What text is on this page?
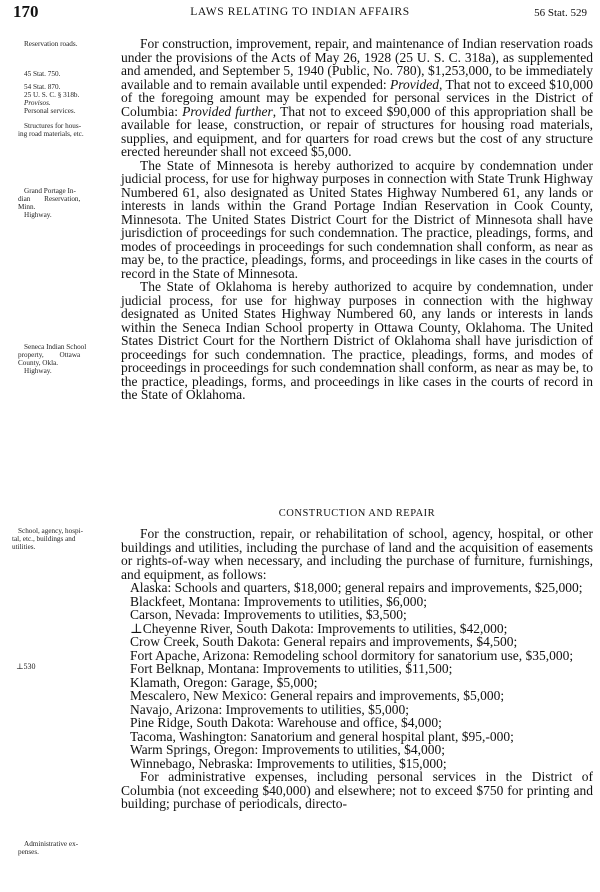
170	LAWS RELATING TO INDIAN AFFAIRS	56 Stat. 529
Reservation roads.
45 Stat. 750.
54 Stat. 870.
25 U. S. C. § 318b.
Provisos.
Personal services.
Structures for hous-
ing road materials, etc.
Grand Portage In-
dian Reservation,
Minn.
Highway.
Seneca Indian School
property, Ottawa
County, Okla.
Highway.
School, agency, hospi-
tal, etc., buildings and
utilities.
⊥530
Administrative ex-
penses.

For construction, improvement, repair, and maintenance of Indian reservation roads under the provisions of the Acts of May 26, 1928 (25 U. S. C. 318a), as supplemented and amended, and September 5, 1940 (Public, No. 780), $1,253,000, to be immediately available and to remain available until expended: Provided, That not to exceed $10,000 of the foregoing amount may be expended for personal services in the District of Columbia: Provided further, That not to exceed $90,000 of this appropriation shall be available for lease, construction, or repair of structures for housing road materials, supplies, and equipment, and for quarters for road crews but the cost of any structure erected hereunder shall not exceed $5,000.

The State of Minnesota is hereby authorized to acquire by condemnation under judicial process, for use for highway purposes in connection with State Trunk Highway Numbered 61, also designated as United States Highway Numbered 61, any lands or interests in lands within the Grand Portage Indian Reservation in Cook County, Minnesota. The United States District Court for the District of Minnesota shall have jurisdiction of proceedings for such condemnation. The practice, pleadings, forms, and modes of proceedings in proceedings for such condemnation shall conform, as near as may be, to the practice, pleadings, forms, and proceedings in like cases in the courts of record in the State of Minnesota.

The State of Oklahoma is hereby authorized to acquire by condemnation, under judicial process, for use for highway purposes in connection with the highway designated as United States Highway Numbered 60, any lands or interests in lands within the Seneca Indian School property in Ottawa County, Oklahoma. The United States District Court for the Northern District of Oklahoma shall have jurisdiction of proceedings for such condemnation. The practice, pleadings, forms, and modes of proceedings in proceedings for such condemnation shall conform, as near as may be, to the practice, pleadings, forms, and proceedings in like cases in the courts of record in the State of Oklahoma.

CONSTRUCTION AND REPAIR

For the construction, repair, or rehabilitation of school, agency, hospital, or other buildings and utilities, including the purchase of land and the acquisition of easements or rights-of-way when necessary, and including the purchase of furniture, furnishings, and equipment, as follows:

Alaska: Schools and quarters, $18,000; general repairs and improvements, $25,000;

Blackfeet, Montana: Improvements to utilities, $6,000;

Carson, Nevada: Improvements to utilities, $3,500;

⊥Cheyenne River, South Dakota: Improvements to utilities, $42,000;

Crow Creek, South Dakota: General repairs and improvements, $4,500;

Fort Apache, Arizona: Remodeling school dormitory for sanatorium use, $35,000;

Fort Belknap, Montana: Improvements to utilities, $11,500;

Klamath, Oregon: Garage, $5,000;

Mescalero, New Mexico: General repairs and improvements, $5,000;

Navajo, Arizona: Improvements to utilities, $5,000;

Pine Ridge, South Dakota: Warehouse and office, $4,000;

Tacoma, Washington: Sanatorium and general hospital plant, $95,-000;

Warm Springs, Oregon: Improvements to utilities, $4,000;

Winnebago, Nebraska: Improvements to utilities, $15,000;

For administrative expenses, including personal services in the District of Columbia (not exceeding $40,000) and elsewhere; not to exceed $750 for printing and building; purchase of periodicals, directo-
